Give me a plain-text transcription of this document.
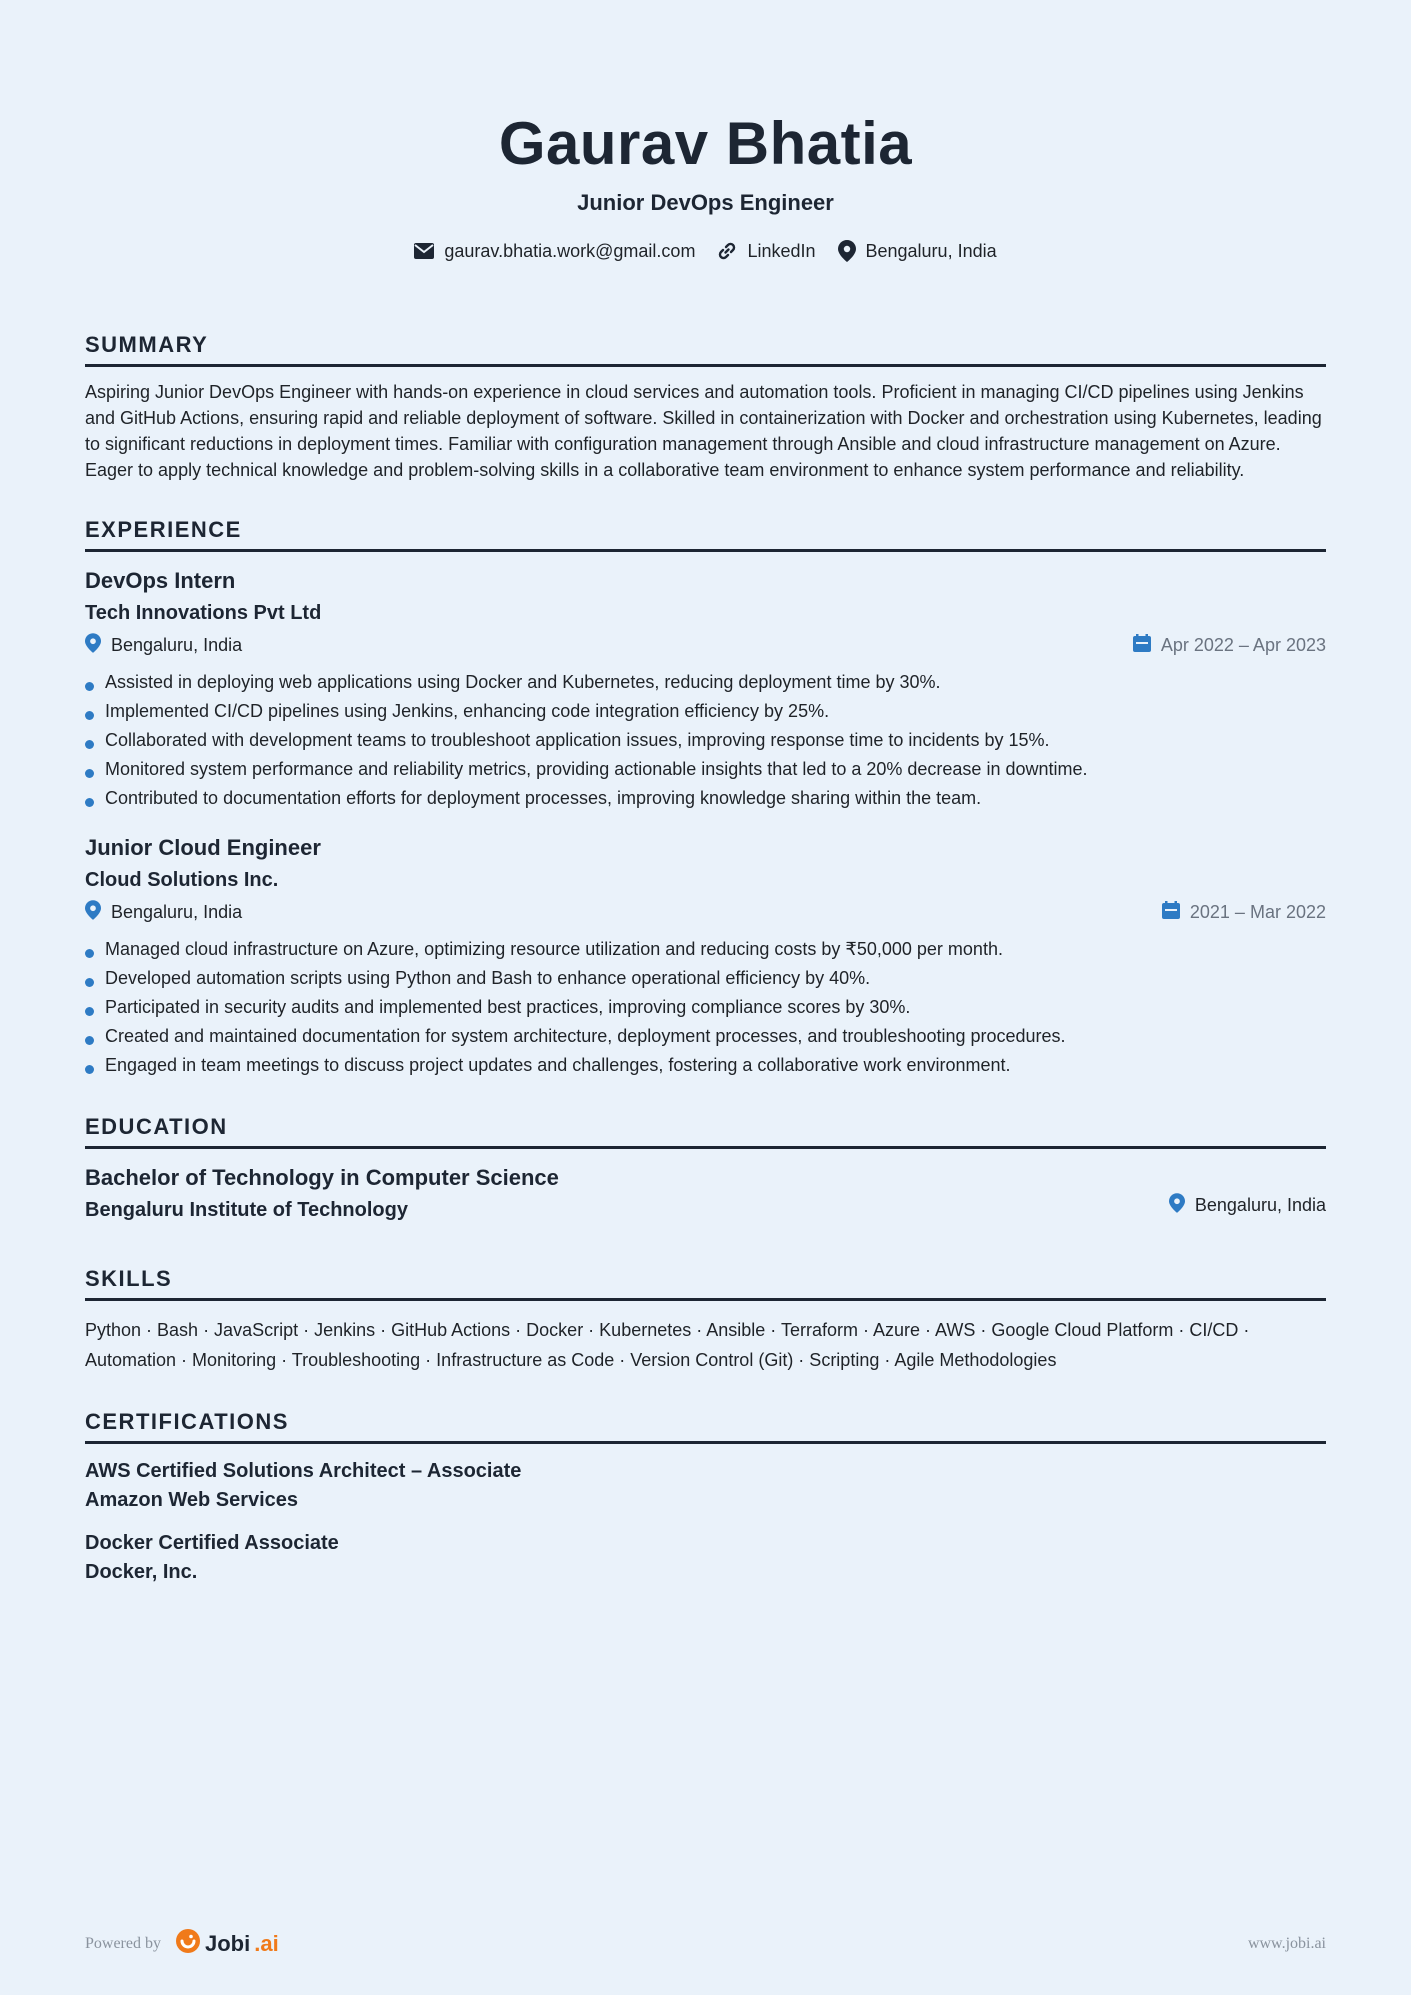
Gaurav Bhatia
Junior DevOps Engineer
gaurav.bhatia.work@gmail.com	LinkedIn	Bengaluru, India
SUMMARY
Aspiring Junior DevOps Engineer with hands-on experience in cloud services and automation tools. Proficient in managing CI/CD pipelines using Jenkins and GitHub Actions, ensuring rapid and reliable deployment of software. Skilled in containerization with Docker and orchestration using Kubernetes, leading to significant reductions in deployment times. Familiar with configuration management through Ansible and cloud infrastructure management on Azure. Eager to apply technical knowledge and problem-solving skills in a collaborative team environment to enhance system performance and reliability.
EXPERIENCE
DevOps Intern
Tech Innovations Pvt Ltd
Bengaluru, India	Apr 2022 – Apr 2023
Assisted in deploying web applications using Docker and Kubernetes, reducing deployment time by 30%.
Implemented CI/CD pipelines using Jenkins, enhancing code integration efficiency by 25%.
Collaborated with development teams to troubleshoot application issues, improving response time to incidents by 15%.
Monitored system performance and reliability metrics, providing actionable insights that led to a 20% decrease in downtime.
Contributed to documentation efforts for deployment processes, improving knowledge sharing within the team.
Junior Cloud Engineer
Cloud Solutions Inc.
Bengaluru, India	2021 – Mar 2022
Managed cloud infrastructure on Azure, optimizing resource utilization and reducing costs by ₹50,000 per month.
Developed automation scripts using Python and Bash to enhance operational efficiency by 40%.
Participated in security audits and implemented best practices, improving compliance scores by 30%.
Created and maintained documentation for system architecture, deployment processes, and troubleshooting procedures.
Engaged in team meetings to discuss project updates and challenges, fostering a collaborative work environment.
EDUCATION
Bachelor of Technology in Computer Science
Bengaluru Institute of Technology	Bengaluru, India
SKILLS
Python · Bash · JavaScript · Jenkins · GitHub Actions · Docker · Kubernetes · Ansible · Terraform · Azure · AWS · Google Cloud Platform · CI/CD · Automation · Monitoring · Troubleshooting · Infrastructure as Code · Version Control (Git) · Scripting · Agile Methodologies
CERTIFICATIONS
AWS Certified Solutions Architect – Associate
Amazon Web Services
Docker Certified Associate
Docker, Inc.
Powered by Jobi .ai	www.jobi.ai
